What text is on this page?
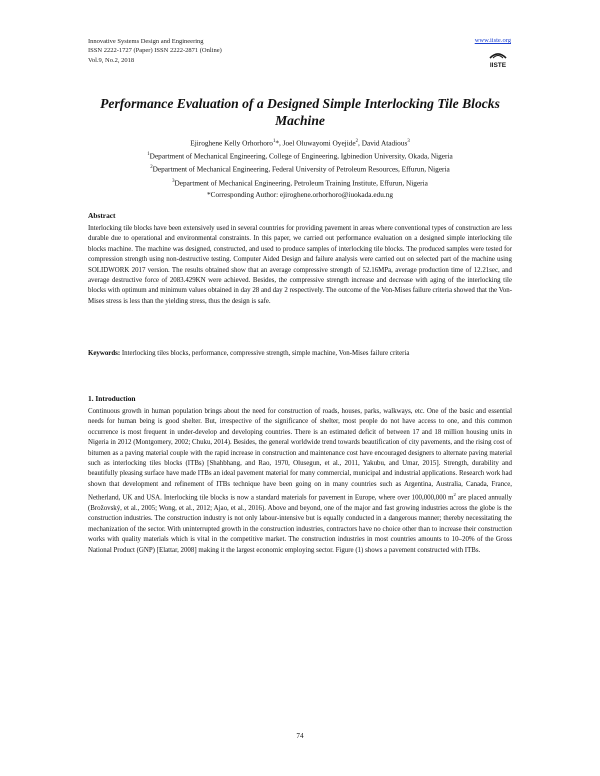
Innovative Systems Design and Engineering
ISSN 2222-1727 (Paper) ISSN 2222-2871 (Online)
Vol.9, No.2, 2018
www.iiste.org
IISTE
Performance Evaluation of a Designed Simple Interlocking Tile Blocks Machine
Ejiroghene Kelly Orhorhoro$^1$*, Joel Oluwayomi Oyejide$^2$, David Atadious$^3$
$^1$Department of Mechanical Engineering, College of Engineering, Igbinedion University, Okada, Nigeria
$^2$Department of Mechanical Engineering, Federal University of Petroleum Resources, Effurun, Nigeria
$^3$Department of Mechanical Engineering, Petroleum Training Institute, Effurun, Nigeria
*Corresponding Author: ejiroghene.orhorhoro@iuokada.edu.ng
Abstract

Interlocking tile blocks have been extensively used in several countries for providing pavement in areas where conventional types of construction are less durable due to operational and environmental constraints. In this paper, we carried out performance evaluation on a designed simple interlocking tile blocks machine. The machine was designed, constructed, and used to produce samples of interlocking tile blocks. The produced samples were tested for compression strength using non-destructive testing. Computer Aided Design and failure analysis were carried out on selected part of the machine using SOLIDWORK 2017 version. The results obtained show that an average compressive strength of 52.16MPa, average production time of 12.21sec, and average destructive force of 2083.429KN were achieved. Besides, the compressive strength increase and decrease with aging of the interlocking tile blocks with optimum and minimum values obtained in day 28 and day 2 respectively. The outcome of the Von-Mises failure criteria showed that the Von-Mises stress is less than the yielding stress, thus the design is safe.

Keywords: Interlocking tiles blocks, performance, compressive strength, simple machine, Von-Mises failure criteria

1. Introduction

Continuous growth in human population brings about the need for construction of roads, houses, parks, walkways, etc. One of the basic and essential needs for human being is good shelter. But, irrespective of the significance of shelter, most people do not have access to one, and this common occurrence is most frequent in under-develop and developing countries. There is an estimated deficit of between 17 and 18 million housing units in Nigeria in 2012 (Montgomery, 2002; Chuku, 2014). Besides, the general worldwide trend towards beautification of city pavements, and the rising cost of bitumen as a paving material couple with the rapid increase in construction and maintenance cost have encouraged designers to alternate paving material such as interlocking tiles blocks (ITBs) [Shahbhang, and Rao, 1970, Olusegun, et al., 2011, Yakubu, and Umar, 2015]. Strength, durability and beautifully pleasing surface have made ITBs an ideal pavement material for many commercial, municipal and industrial applications. Research work had shown that development and refinement of ITBs technique have been going on in many countries such as Argentina, Australia, Canada, France, Netherland, UK and USA. Interlocking tile blocks is now a standard materials for pavement in Europe, where over 100,000,000 $m^2$ are placed annually (Brožovský, et al., 2005; Wong, et al., 2012; Ajao, et al., 2016). Above and beyond, one of the major and fast growing industries across the globe is the construction industries. The construction industry is not only labour-intensive but is equally conducted in a dangerous manner; thereby necessitating the mechanization of the sector. With uninterrupted growth in the construction industries, contractors have no choice other than to increase their construction works with quality materials which is vital in the competitive market. The construction industries in most countries amounts to 10–20% of the Gross National Product (GNP) [Elattar, 2008] making it the largest economic employing sector. Figure (1) shows a pavement constructed with ITBs.

74
